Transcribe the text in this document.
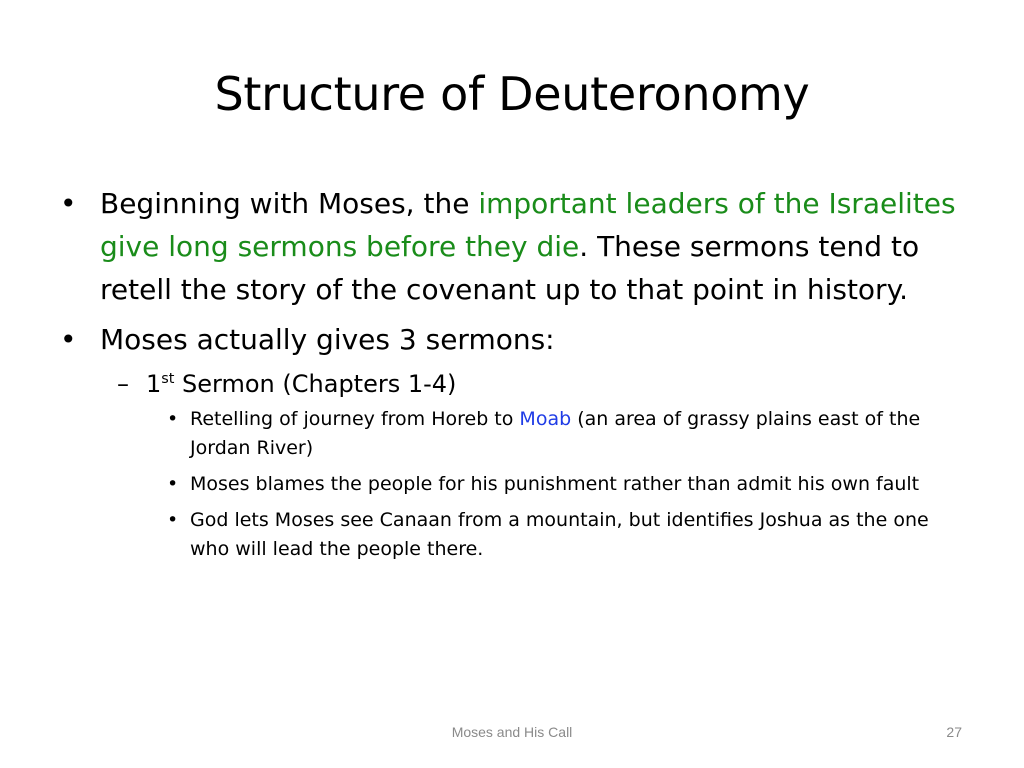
Structure of Deuteronomy
• Beginning with Moses, the important leaders of the Israelites give long sermons before they die. These sermons tend to retell the story of the covenant up to that point in history.
• Moses actually gives 3 sermons:
– 1st Sermon (Chapters 1-4)
• Retelling of journey from Horeb to Moab (an area of grassy plains east of the Jordan River)
• Moses blames the people for his punishment rather than admit his own fault
• God lets Moses see Canaan from a mountain, but identifies Joshua as the one who will lead the people there.
Moses and His Call	27
